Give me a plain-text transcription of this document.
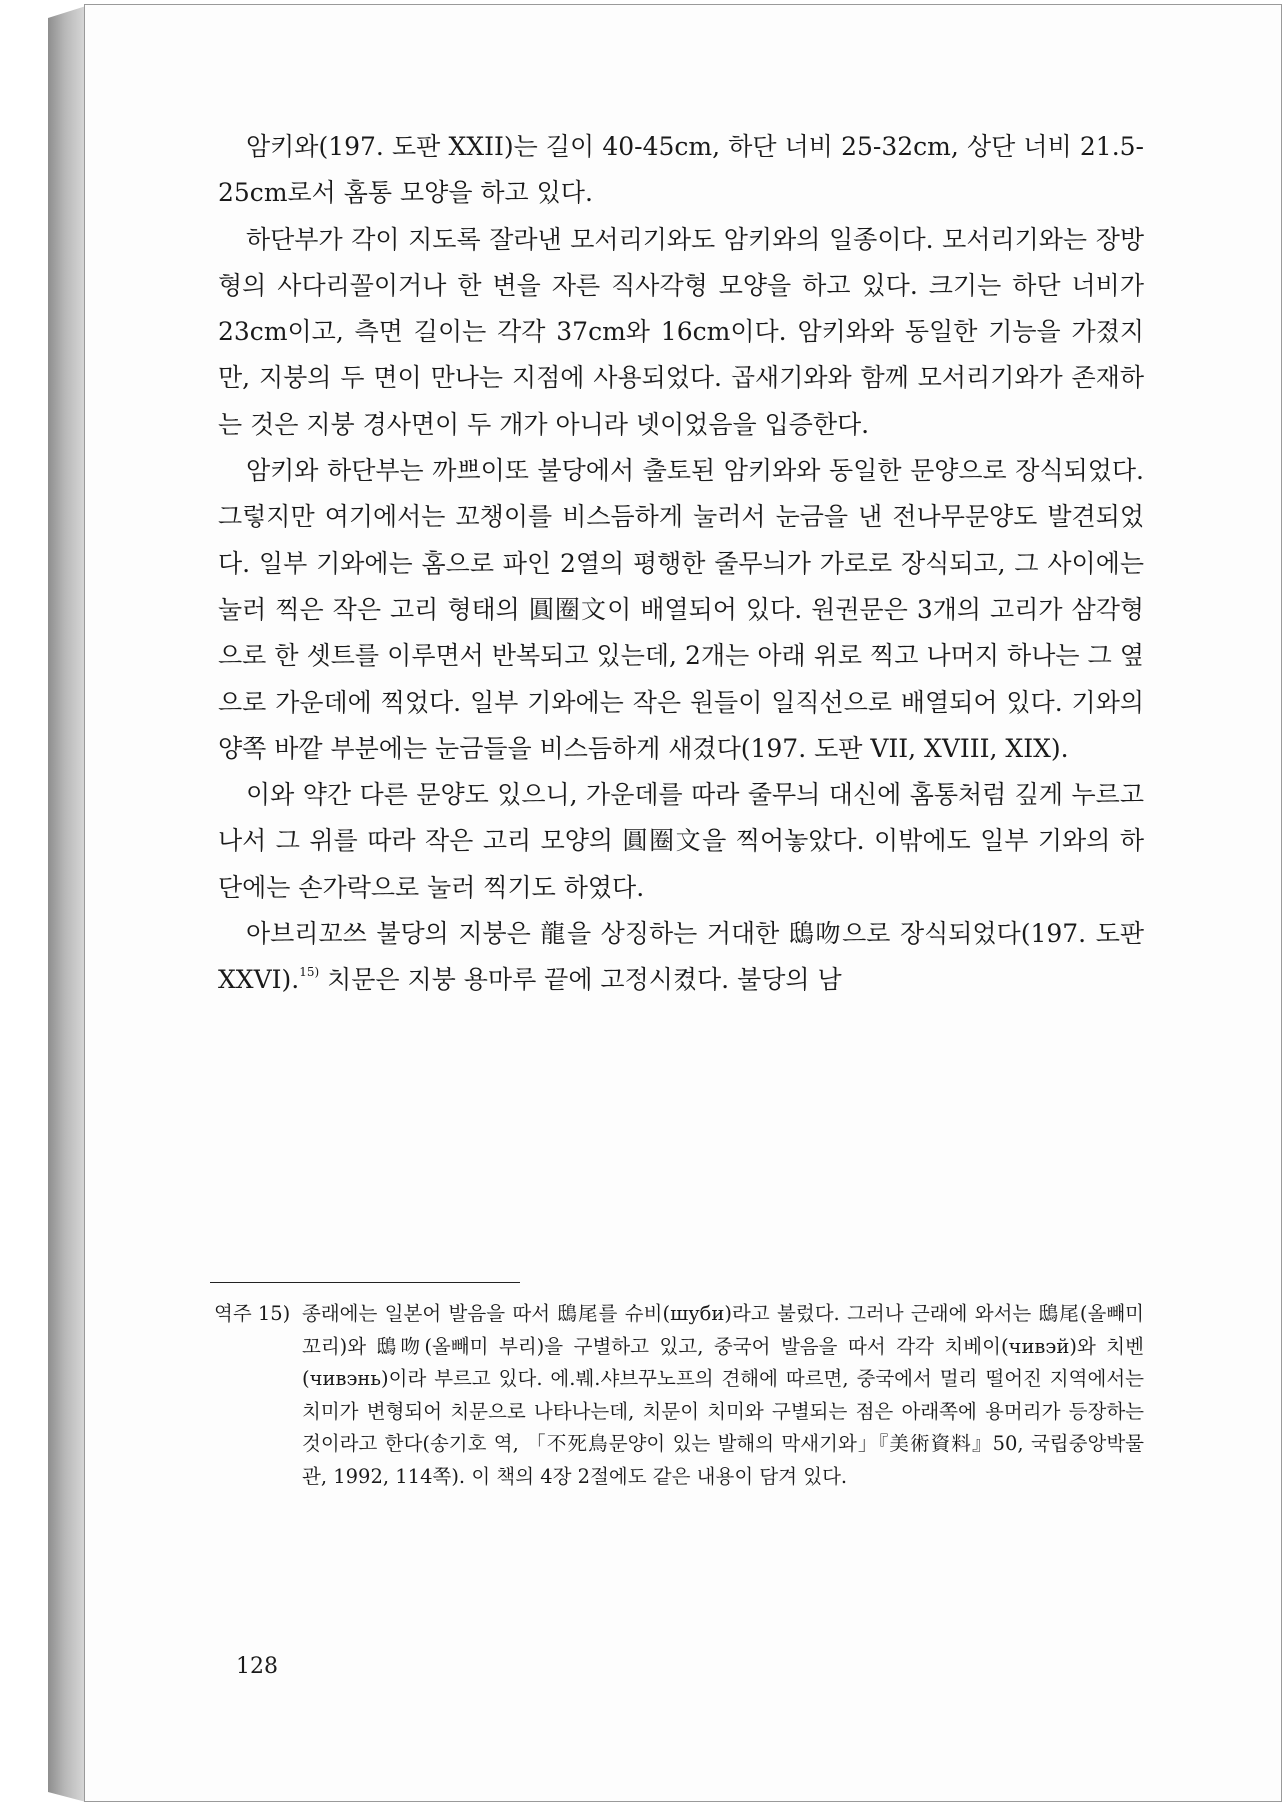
암키와(197. 도판 XXII)는 길이 40-45cm, 하단 너비 25-32cm, 상단 너비 21.5-25cm로서 홈통 모양을 하고 있다.

하단부가 각이 지도록 잘라낸 모서리기와도 암키와의 일종이다. 모서리기와는 장방형의 사다리꼴이거나 한 변을 자른 직사각형 모양을 하고 있다. 크기는 하단 너비가 23cm이고, 측면 길이는 각각 37cm와 16cm이다. 암키와와 동일한 기능을 가졌지만, 지붕의 두 면이 만나는 지점에 사용되었다. 곱새기와와 함께 모서리기와가 존재하는 것은 지붕 경사면이 두 개가 아니라 넷이었음을 입증한다.

암키와 하단부는 까쁘이또 불당에서 출토된 암키와와 동일한 문양으로 장식되었다. 그렇지만 여기에서는 꼬챙이를 비스듬하게 눌러서 눈금을 낸 전나무문양도 발견되었다. 일부 기와에는 홈으로 파인 2열의 평행한 줄무늬가 가로로 장식되고, 그 사이에는 눌러 찍은 작은 고리 형태의 圓圈文이 배열되어 있다. 원권문은 3개의 고리가 삼각형으로 한 셋트를 이루면서 반복되고 있는데, 2개는 아래 위로 찍고 나머지 하나는 그 옆으로 가운데에 찍었다. 일부 기와에는 작은 원들이 일직선으로 배열되어 있다. 기와의 양쪽 바깥 부분에는 눈금들을 비스듬하게 새겼다(197. 도판 VII, XVIII, XIX).

이와 약간 다른 문양도 있으니, 가운데를 따라 줄무늬 대신에 홈통처럼 깊게 누르고 나서 그 위를 따라 작은 고리 모양의 圓圈文을 찍어놓았다. 이밖에도 일부 기와의 하단에는 손가락으로 눌러 찍기도 하였다.

아브리꼬쓰 불당의 지붕은 龍을 상징하는 거대한 鴟吻으로 장식되었다(197. 도판 XXVI).$^{15)}$ 치문은 지붕 용마루 끝에 고정시켰다. 불당의 남

역주 15) 종래에는 일본어 발음을 따서 鴟尾를 슈비(шуби)라고 불렀다. 그러나 근래에 와서는 鴟尾(올빼미 꼬리)와 鴟吻(올빼미 부리)을 구별하고 있고, 중국어 발음을 따서 각각 치베이(чивэй)와 치벤(чивэнь)이라 부르고 있다. 에.붸.샤브꾸노프의 견해에 따르면, 중국에서 멀리 떨어진 지역에서는 치미가 변형되어 치문으로 나타나는데, 치문이 치미와 구별되는 점은 아래쪽에 용머리가 등장하는 것이라고 한다(송기호 역, 「不死鳥문양이 있는 발해의 막새기와」『美術資料』50, 국립중앙박물관, 1992, 114쪽). 이 책의 4장 2절에도 같은 내용이 담겨 있다.
128
